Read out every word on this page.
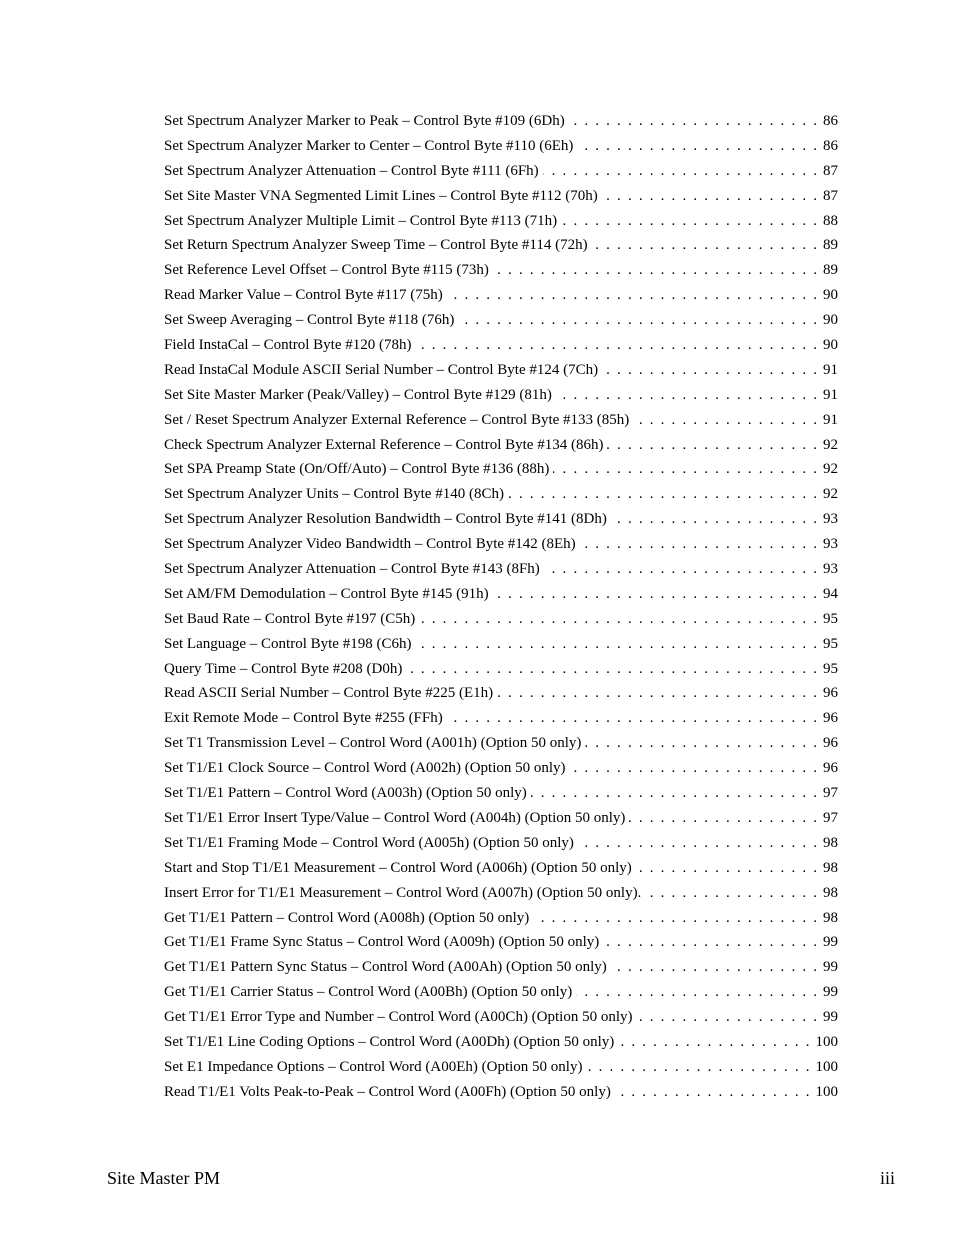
Set Spectrum Analyzer Marker to Peak – Control Byte #109 (6Dh) . . .	86
Set Spectrum Analyzer Marker to Center – Control Byte #110 (6Eh) . . .	86
Set Spectrum Analyzer Attenuation – Control Byte #111 (6Fh) . . .	87
Set Site Master VNA Segmented Limit Lines – Control Byte #112 (70h) . . .	87
Set Spectrum Analyzer Multiple Limit – Control Byte #113 (71h) . . .	88
Set Return Spectrum Analyzer Sweep Time – Control Byte #114 (72h) . . .	89
Set Reference Level Offset – Control Byte #115 (73h) . . .	89
Read Marker Value – Control Byte #117 (75h) . . .	90
Set Sweep Averaging – Control Byte #118 (76h) . . .	90
Field InstaCal – Control Byte #120 (78h) . . .	90
Read InstaCal Module ASCII Serial Number – Control Byte #124 (7Ch) . . .	91
Set Site Master Marker (Peak/Valley) – Control Byte #129 (81h) . . .	91
Set / Reset Spectrum Analyzer External Reference – Control Byte #133 (85h) . . .	91
Check Spectrum Analyzer External Reference – Control Byte #134 (86h) . . .	92
Set SPA Preamp State (On/Off/Auto) – Control Byte #136 (88h) . . .	92
Set Spectrum Analyzer Units – Control Byte #140 (8Ch) . . .	92
Set Spectrum Analyzer Resolution Bandwidth – Control Byte #141 (8Dh) . . .	93
Set Spectrum Analyzer Video Bandwidth – Control Byte #142 (8Eh) . . .	93
Set Spectrum Analyzer Attenuation – Control Byte #143 (8Fh) . . .	93
Set AM/FM Demodulation – Control Byte #145 (91h) . . .	94
Set Baud Rate – Control Byte #197 (C5h) . . .	95
Set Language – Control Byte #198 (C6h) . . .	95
Query Time – Control Byte #208 (D0h) . . .	95
Read ASCII Serial Number – Control Byte #225 (E1h) . . .	96
Exit Remote Mode – Control Byte #255 (FFh) . . .	96
Set T1 Transmission Level – Control Word (A001h) (Option 50 only) . . .	96
Set T1/E1 Clock Source – Control Word (A002h) (Option 50 only) . . .	96
Set T1/E1 Pattern – Control Word (A003h) (Option 50 only) . . .	97
Set T1/E1 Error Insert Type/Value – Control Word (A004h) (Option 50 only) . . .	97
Set T1/E1 Framing Mode – Control Word (A005h) (Option 50 only) . . .	98
Start and Stop T1/E1 Measurement – Control Word (A006h) (Option 50 only) . . .	98
Insert Error for T1/E1 Measurement – Control Word (A007h) (Option 50 only). . . .	98
Get T1/E1 Pattern – Control Word (A008h) (Option 50 only) . . .	98
Get T1/E1 Frame Sync Status – Control Word (A009h) (Option 50 only) . . .	99
Get T1/E1 Pattern Sync Status – Control Word (A00Ah) (Option 50 only) . . .	99
Get T1/E1 Carrier Status – Control Word (A00Bh) (Option 50 only) . . .	99
Get T1/E1 Error Type and Number – Control Word (A00Ch) (Option 50 only) . . .	99
Set T1/E1 Line Coding Options – Control Word (A00Dh) (Option 50 only) . . .	100
Set E1 Impedance Options – Control Word (A00Eh) (Option 50 only) . . .	100
Read T1/E1 Volts Peak-to-Peak – Control Word (A00Fh) (Option 50 only) . . .	100
Site Master PM	iii
